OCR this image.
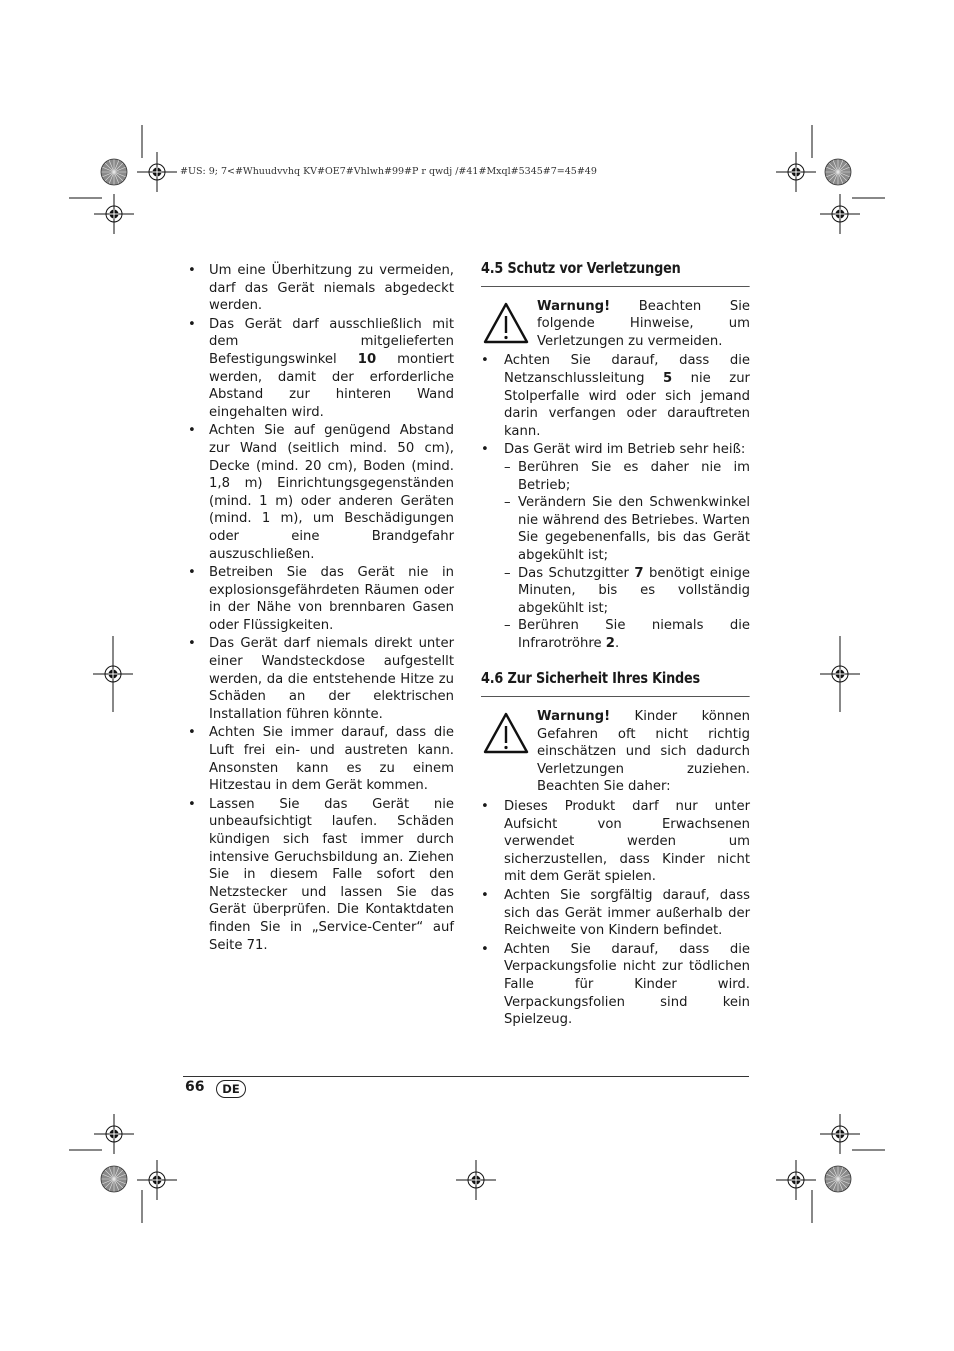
#US: 9; 7<#Whuudvvhq KV#OE7#Vhlwh#99#P r qwdj /#41#Mxql#5345#7=45#49
• Um eine Überhitzung zu vermeiden, darf das Gerät niemals abgedeckt werden.
• Das Gerät darf ausschließlich mit dem mitgelieferten Befestigungswinkel 10 montiert werden, damit der erforderliche Abstand zur hinteren Wand eingehalten wird.
• Achten Sie auf genügend Abstand zur Wand (seitlich mind. 50 cm), Decke (mind. 20 cm), Boden (mind. 1,8 m) Einrichtungsgegenständen (mind. 1 m) oder anderen Geräten (mind. 1 m), um Beschädigungen oder eine Brandgefahr auszuschließen.
• Betreiben Sie das Gerät nie in explosionsgefährdeten Räumen oder in der Nähe von brennbaren Gasen oder Flüssigkeiten.
• Das Gerät darf niemals direkt unter einer Wandsteckdose aufgestellt werden, da die entstehende Hitze zu Schäden an der elektrischen Installation führen könnte.
• Achten Sie immer darauf, dass die Luft frei ein- und austreten kann. Ansonsten kann es zu einem Hitzestau in dem Gerät kommen.
• Lassen Sie das Gerät nie unbeaufsichtigt laufen. Schäden kündigen sich fast immer durch intensive Geruchsbildung an. Ziehen Sie in diesem Falle sofort den Netzstecker und lassen Sie das Gerät überprüfen. Die Kontaktdaten finden Sie in „Service-Center“ auf Seite 71.
4.5 Schutz vor Verletzungen

Warnung! Beachten Sie folgende Hinweise, um Verletzungen zu vermeiden.

• Achten Sie darauf, dass die Netzanschlussleitung 5 nie zur Stolperfalle wird oder sich jemand darin verfangen oder darauftreten kann.
• Das Gerät wird im Betrieb sehr heiß:
– Berühren Sie es daher nie im Betrieb;
– Verändern Sie den Schwenkwinkel nie während des Betriebes. Warten Sie gegebenenfalls, bis das Gerät abgekühlt ist;
– Das Schutzgitter 7 benötigt einige Minuten, bis es vollständig abgekühlt ist;
– Berühren Sie niemals die Infrarotröhre 2.
4.6 Zur Sicherheit Ihres Kindes

Warnung! Kinder können Gefahren oft nicht richtig einschätzen und sich dadurch Verletzungen zuziehen. Beachten Sie daher:

• Dieses Produkt darf nur unter Aufsicht von Erwachsenen verwendet werden um sicherzustellen, dass Kinder nicht mit dem Gerät spielen.
• Achten Sie sorgfältig darauf, dass sich das Gerät immer außerhalb der Reichweite von Kindern befindet.
• Achten Sie darauf, dass die Verpackungsfolie nicht zur tödlichen Falle für Kinder wird. Verpackungsfolien sind kein Spielzeug.
66	DE
